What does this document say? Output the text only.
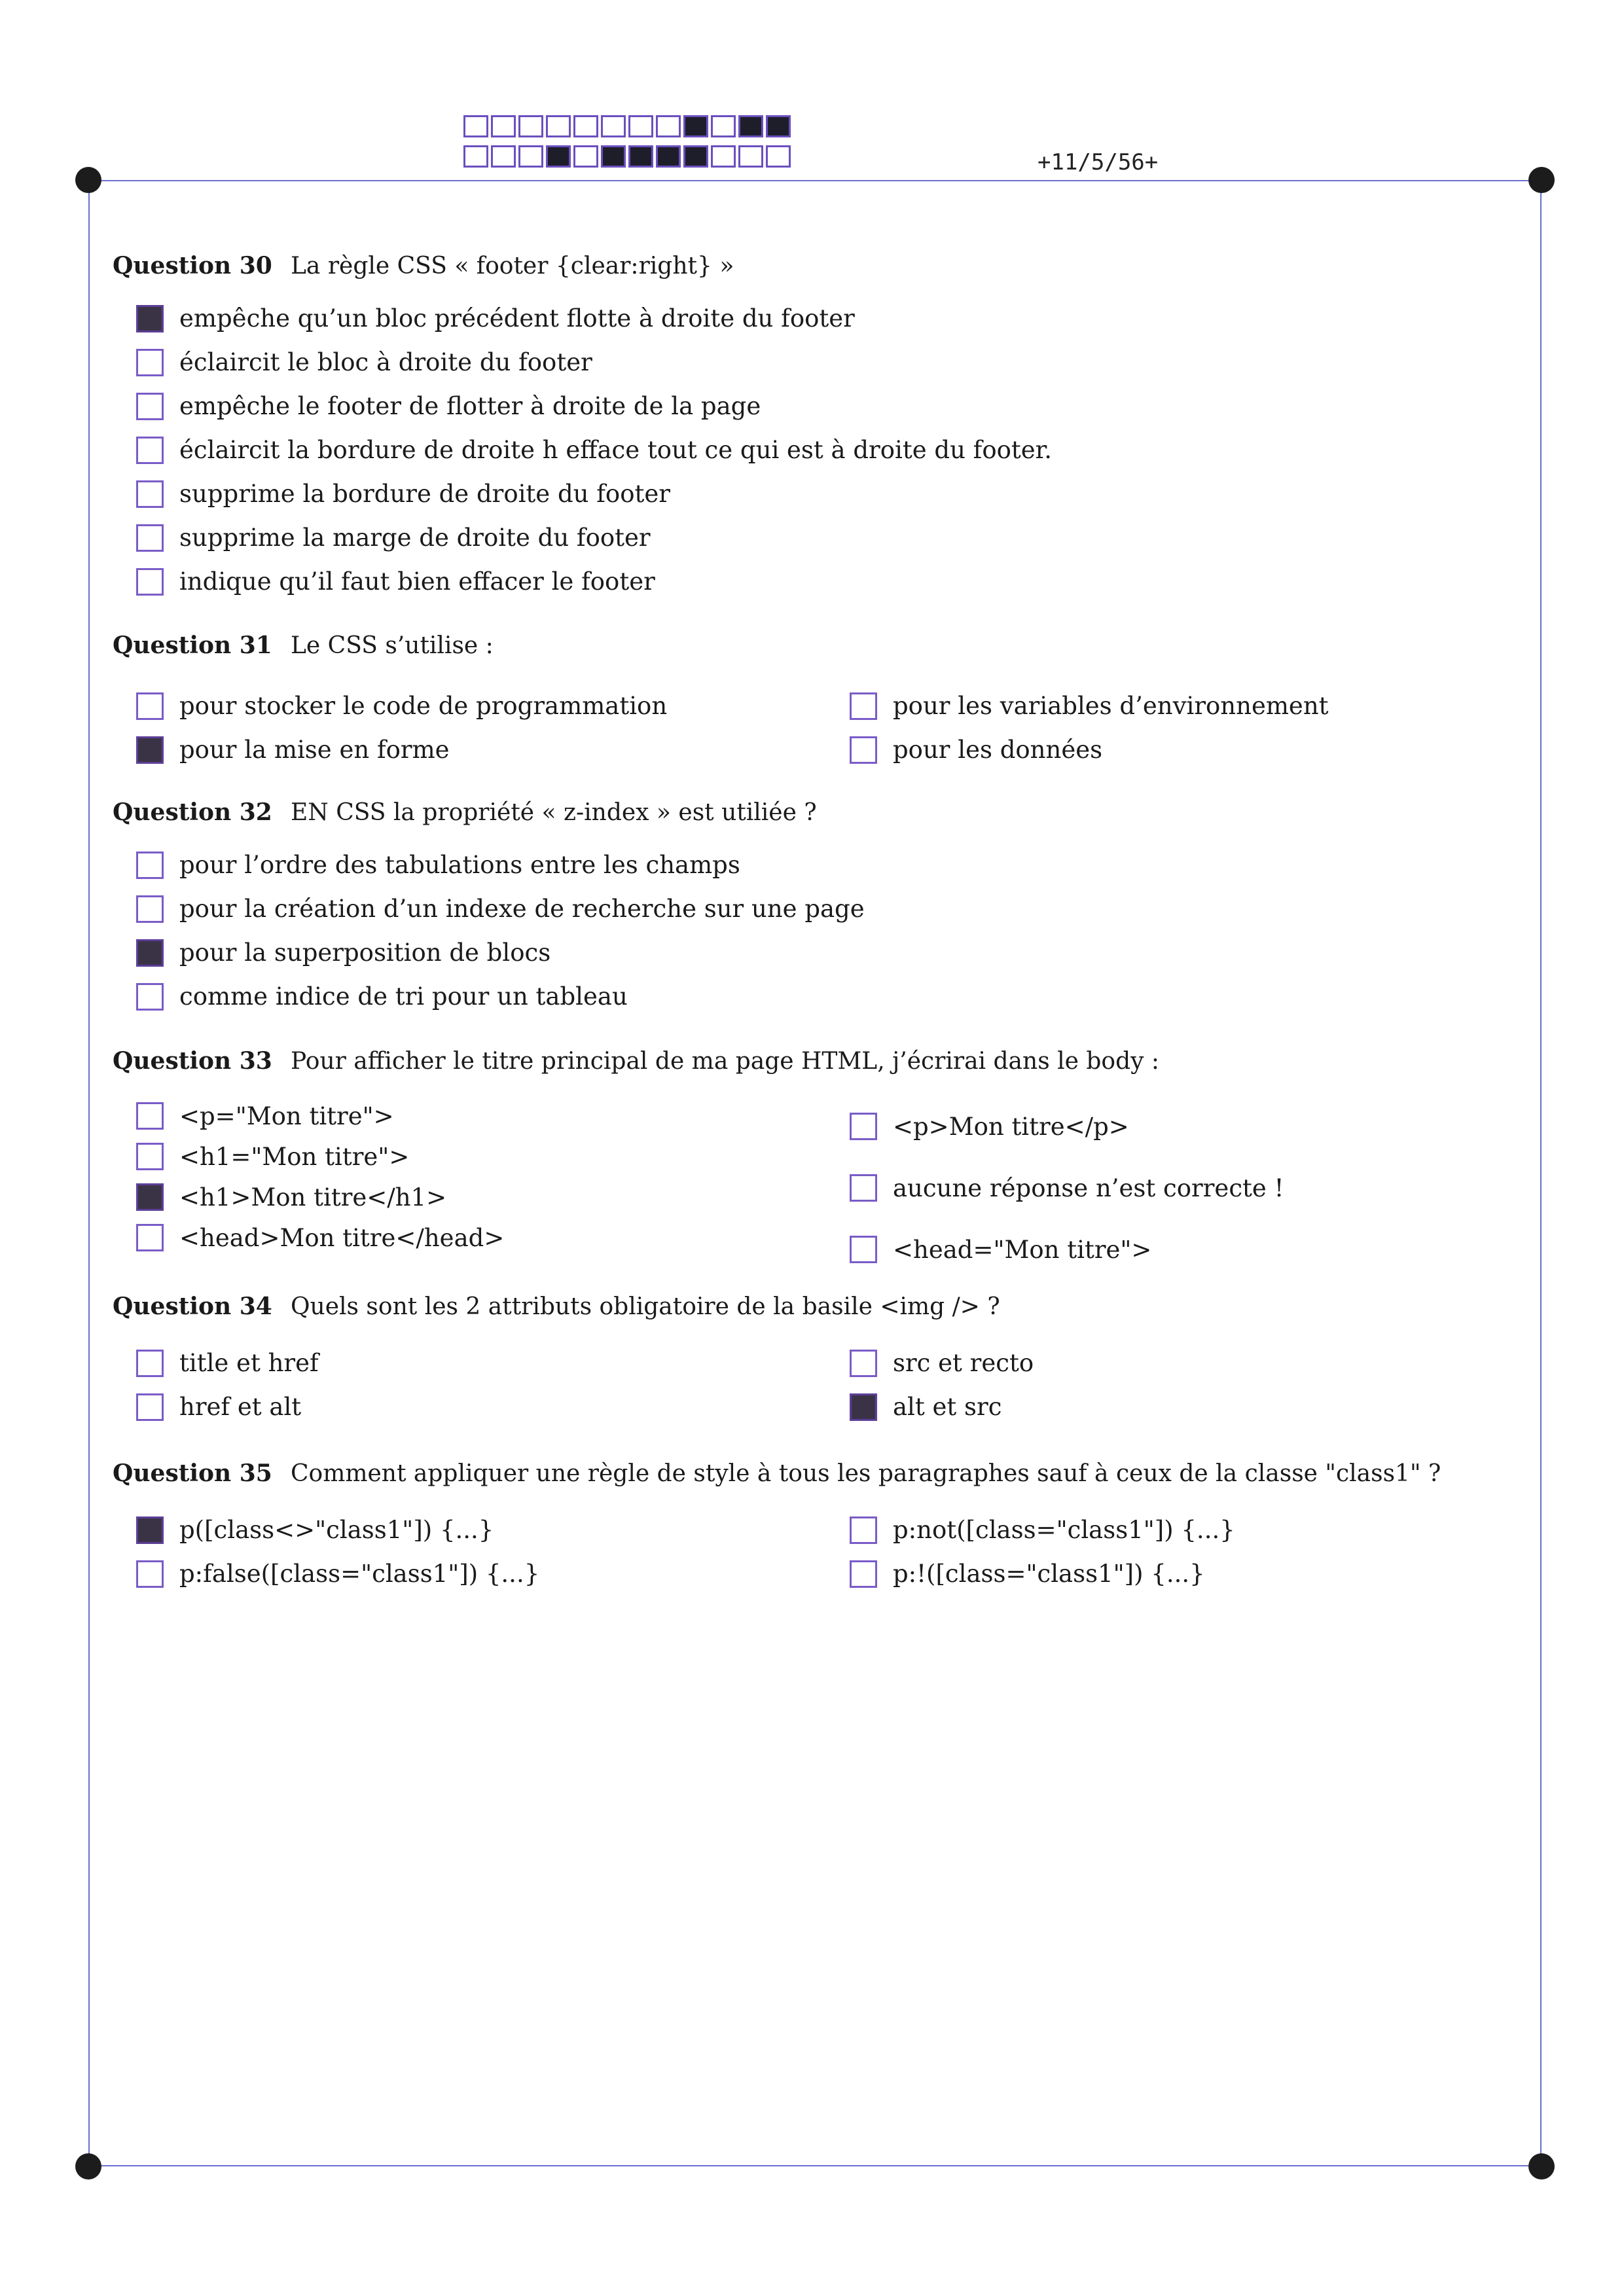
+11/5/56+
Question 30 La règle CSS « footer {clear:right} »
empêche qu’un bloc précédent flotte à droite du footer
éclaircit le bloc à droite du footer
empêche le footer de flotter à droite de la page
éclaircit la bordure de droite h efface tout ce qui est à droite du footer.
supprime la bordure de droite du footer
supprime la marge de droite du footer
indique qu’il faut bien effacer le footer
Question 31 Le CSS s’utilise :
pour stocker le code de programmation
pour la mise en forme
pour les variables d’environnement
pour les données
Question 32 EN CSS la propriété « z-index » est utiliée ?
pour l’ordre des tabulations entre les champs
pour la création d’un indexe de recherche sur une page
pour la superposition de blocs
comme indice de tri pour un tableau
Question 33 Pour afficher le titre principal de ma page HTML, j’écrirai dans le body :
<p="Mon titre">
<h1="Mon titre">
<h1>Mon titre</h1>
<head>Mon titre</head>
<p>Mon titre</p>
aucune réponse n’est correcte !
<head="Mon titre">
Question 34 Quels sont les 2 attributs obligatoire de la basile <img /> ?
title et href
href et alt
src et recto
alt et src
Question 35 Comment appliquer une règle de style à tous les paragraphes sauf à ceux de la classe "class1" ?
p([class<>"class1"]) {...}
p:false([class="class1"]) {...}
p:not([class="class1"]) {...}
p:!([class="class1"]) {...}
